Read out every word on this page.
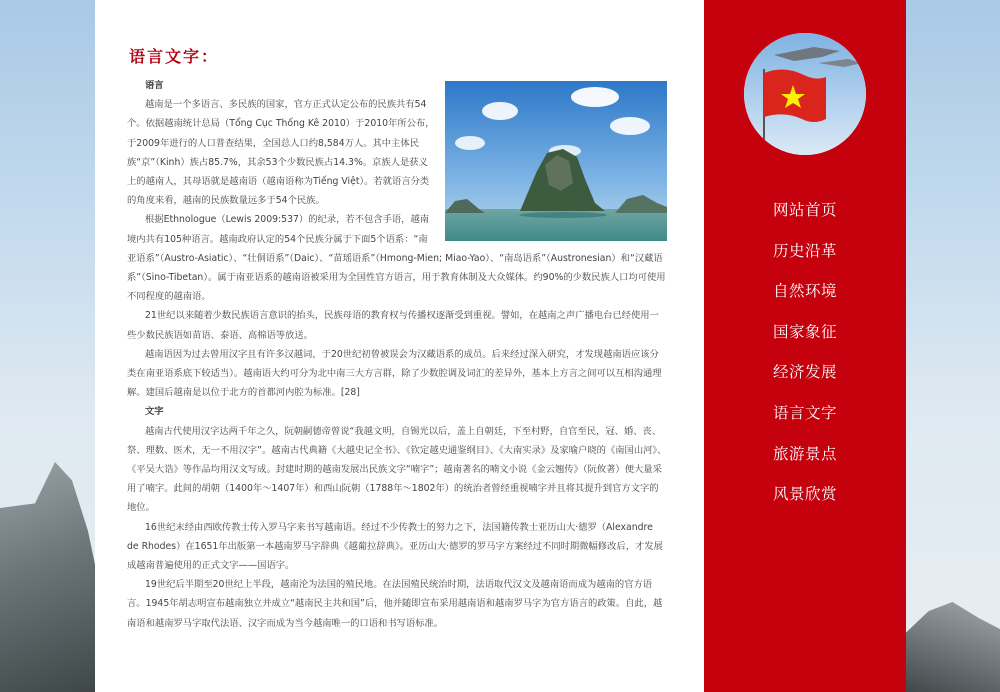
语言文字：

语言

越南是一个多语言、多民族的国家，官方正式认定公布的民族共有54个。依据越南统计总局（Tổng Cục Thống Kê 2010）于2010年所公布，于2009年进行的人口普查结果，全国总人口约8,584万人。其中主体民族“京”（Kinh）族占85.7%，其余53个少数民族占14.3%。京族人是获义上的越南人，其母语就是越南语（越南语称为Tiếng Việt）。若就语言分类的角度来看，越南的民族数量远多于54个民族。

根据Ethnologue（Lewis 2009:537）的纪录，若不包含手语，越南境内共有105种语言。越南政府认定的54个民族分属于下面5个语系：“南亚语系”（Austro-Asiatic）、“壮侗语系”（Daic）、“苗瑶语系”（Hmong-Mien; Miao-Yao）、“南岛语系”（Austronesian）和“汉藏语系”（Sino-Tibetan）。属于南亚语系的越南语被采用为全国性官方语言，用于教育体制及大众媒体。约90%的少数民族人口均可使用不同程度的越南语。

21世纪以来随着少数民族语言意识的抬头，民族母语的教育权与传播权逐渐受到重视。譬如，在越南之声广播电台已经使用一些少数民族语如苗语、泰语、高棉语等放送。

越南语因为过去曾用汉字且有许多汉越词，于20世纪初曾被误会为汉藏语系的成员。后来经过深入研究，才发现越南语应该分类在南亚语系底下较适当）。越南语大约可分为北中南三大方言群，除了少数腔调及词汇的差异外，基本上方言之间可以互相沟通理解。建国后越南是以位于北方的首都河内腔为标准。[28]

文字

越南古代使用汉字达两千年之久，阮朝嗣德帝曾说“我越文明，自锡光以后，盖上自朝廷，下至村野，自官至民，冠、婚、丧、祭、理数、医术，无一不用汉字”。越南古代典籍《大越史记全书》、《钦定越史通鉴纲目》、《大南实录》及家喻户晓的《南国山河》、《平吴大诰》等作品均用汉文写成。封建时期的越南发展出民族文字“喃字”；越南著名的喃文小说《金云翘传》（阮攸著）便大量采用了喃字。此间的胡朝（1400年～1407年）和西山阮朝（1788年～1802年）的统治者曾经重视喃字并且将其提升到官方文字的地位。

16世纪末经由西欧传教士传入罗马字来书写越南语。经过不少传教士的努力之下，法国籍传教士亚历山大·德罗（Alexandre de Rhodes）在1651年出版第一本越南罗马字辞典《越葡拉辞典》。亚历山大·德罗的罗马字方案经过不同时期微幅修改后，才发展成越南普遍使用的正式文字——国语字。

19世纪后半期至20世纪上半段，越南沦为法国的殖民地。在法国殖民统治时期，法语取代汉文及越南语而成为越南的官方语言。1945年胡志明宣布越南独立并成立“越南民主共和国”后，他并随即宣布采用越南语和越南罗马字为官方语言的政策。自此，越南语和越南罗马字取代法语、汉字而成为当今越南唯一的口语和书写语标准。

网站首页
历史沿革
自然环境
国家象征
经济发展
语言文字
旅游景点
风景欣赏
